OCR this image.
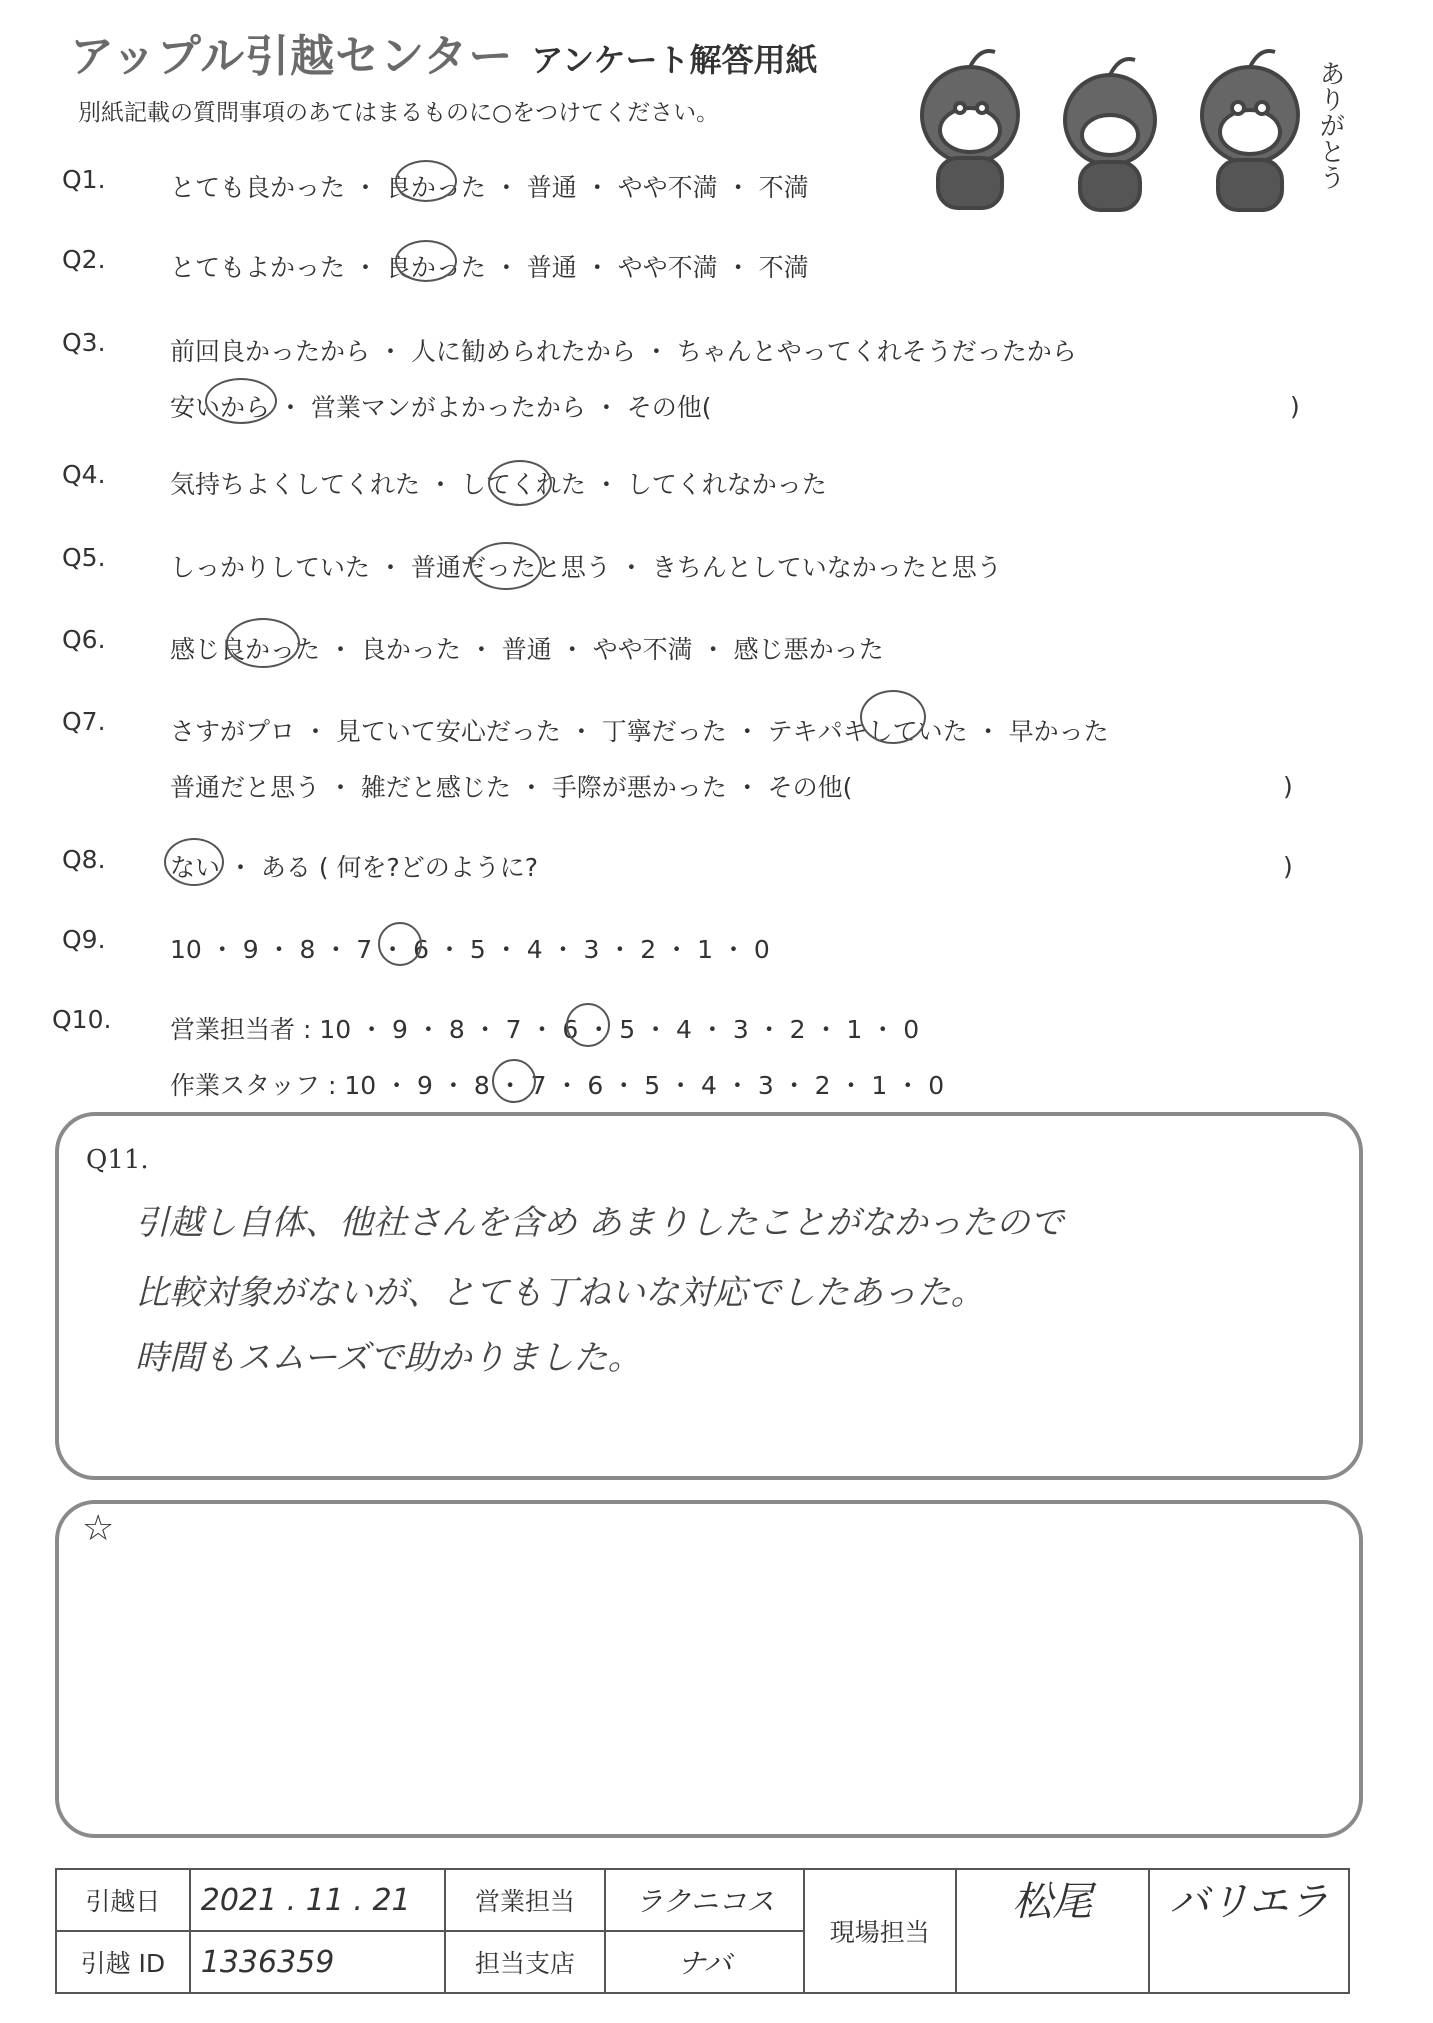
アップル引越センター アンケート解答用紙
別紙記載の質問事項のあてはまるものに○をつけてください。	ありがとう
Q1.	とても良かった ・ 良かった ・ 普通 ・ やや不満 ・ 不満
Q2.	とてもよかった ・ 良かった ・ 普通 ・ やや不満 ・ 不満
Q3.	前回良かったから ・ 人に勧められたから ・ ちゃんとやってくれそうだったから
安いから ・ 営業マンがよかったから ・ その他(	)
Q4.	気持ちよくしてくれた ・ してくれた ・ してくれなかった
Q5.	しっかりしていた ・ 普通だったと思う ・ きちんとしていなかったと思う
Q6.	感じ良かった ・ 良かった ・ 普通 ・ やや不満 ・ 感じ悪かった
Q7.	さすがプロ ・ 見ていて安心だった ・ 丁寧だった ・ テキパキしていた ・ 早かった
普通だと思う ・ 雑だと感じた ・ 手際が悪かった ・ その他(	)
Q8.	ない ・ ある ( 何を?どのように?	)
Q9.	10 ・ 9 ・ 8 ・ 7 ・ 6 ・ 5 ・ 4 ・ 3 ・ 2 ・ 1 ・ 0
Q10. 営業担当者 : 10 ・ 9 ・ 8 ・ 7 ・ 6 ・ 5 ・ 4 ・ 3 ・ 2 ・ 1 ・ 0
作業スタッフ : 10 ・ 9 ・ 8 ・ 7 ・ 6 ・ 5 ・ 4 ・ 3 ・ 2 ・ 1 ・ 0
Q11.
引越し自体、他社さんを含め あまりしたことがなかったので
比較対象がないが、とても丁ねいな対応でしたあった。
時間もスムーズで助かりました。
☆
引越日	2021 . 11 . 21	営業担当	ラクニコス	現場担当	松尾	バリエラ
引越 ID	1336359	担当支店	ナバ			
